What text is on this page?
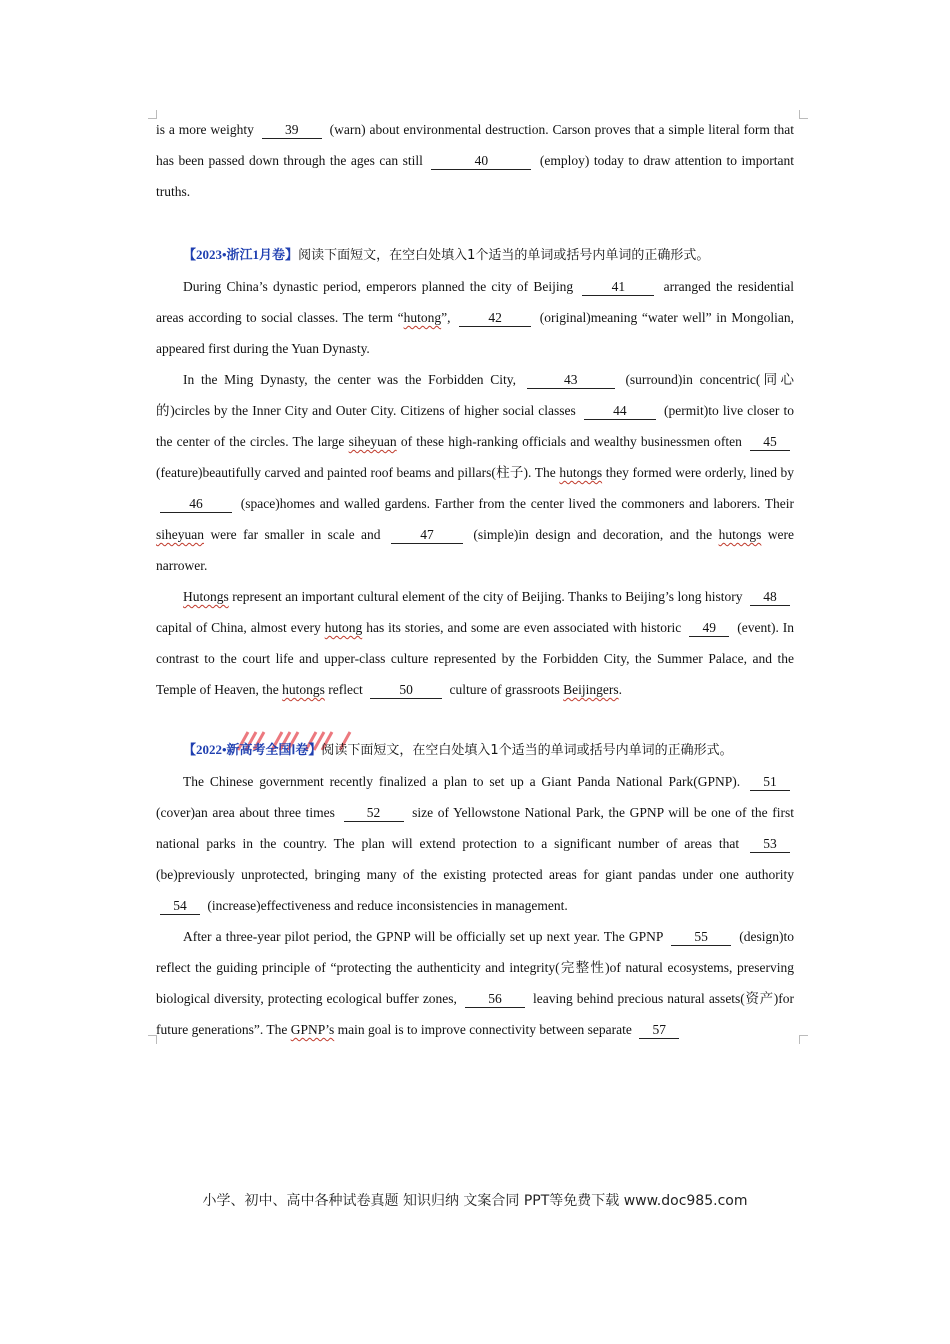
is a more weighty 39 (warn) about environmental destruction. Carson proves that a simple literal form that has been passed down through the ages can still	40	(employ) today to draw attention to important truths.

【2023•浙江1月卷】阅读下面短文，在空白处填入1个适当的单词或括号内单词的正确形式。

During China’s dynastic period, emperors planned the city of Beijing	41	arranged the residential areas according to social classes. The term “hutong”,	42	(original)meaning “water well” in Mongolian, appeared first during the Yuan Dynasty.

In the Ming Dynasty, the center was the Forbidden City,	43	(surround)in concentric(同心的)circles by the Inner City and Outer City. Citizens of higher social classes	44	(permit)to live closer to the center of the circles. The large siheyuan of these high-ranking officials and wealthy businessmen often 45 (feature)beautifully carved and painted roof beams and pillars(柱子). The hutongs they formed were orderly, lined by 46	(space)homes and walled gardens. Farther from the center lived the commoners and laborers. Their siheyuan were far smaller in scale and	47	(simple)in design and decoration, and the hutongs were narrower.

Hutongs represent an important cultural element of the city of Beijing. Thanks to Beijing’s long history 48 capital of China, almost every hutong has its stories, and some are even associated with historic 49 (event). In contrast to the court life and upper-class culture represented by the Forbidden City, the Summer Palace, and the Temple of Heaven, the hutongs reflect	50	culture of grassroots Beijingers.

【2022•新高考全国Ⅰ卷】阅读下面短文，在空白处填入1个适当的单词或括号内单词的正确形式。

The Chinese government recently finalized a plan to set up a Giant Panda National Park(GPNP). 51 (cover)an area about three times 52 size of Yellowstone National Park, the GPNP will be one of the first national parks in the country. The plan will extend protection to a significant number of areas that 53 (be)previously unprotected, bringing many of the existing protected areas for giant pandas under one authority 54 (increase)effectiveness and reduce inconsistencies in management.

After a three-year pilot period, the GPNP will be officially set up next year. The GPNP 55 (design)to reflect the guiding principle of “protecting the authenticity and integrity(完整性)of natural ecosystems, preserving biological diversity, protecting ecological buffer zones, 56 leaving behind precious natural assets(资产)for future generations”. The GPNP’s main goal is to improve connectivity between separate 57

小学、初中、高中各种试卷真题 知识归纳 文案合同 PPT等免费下载 www.doc985.com
